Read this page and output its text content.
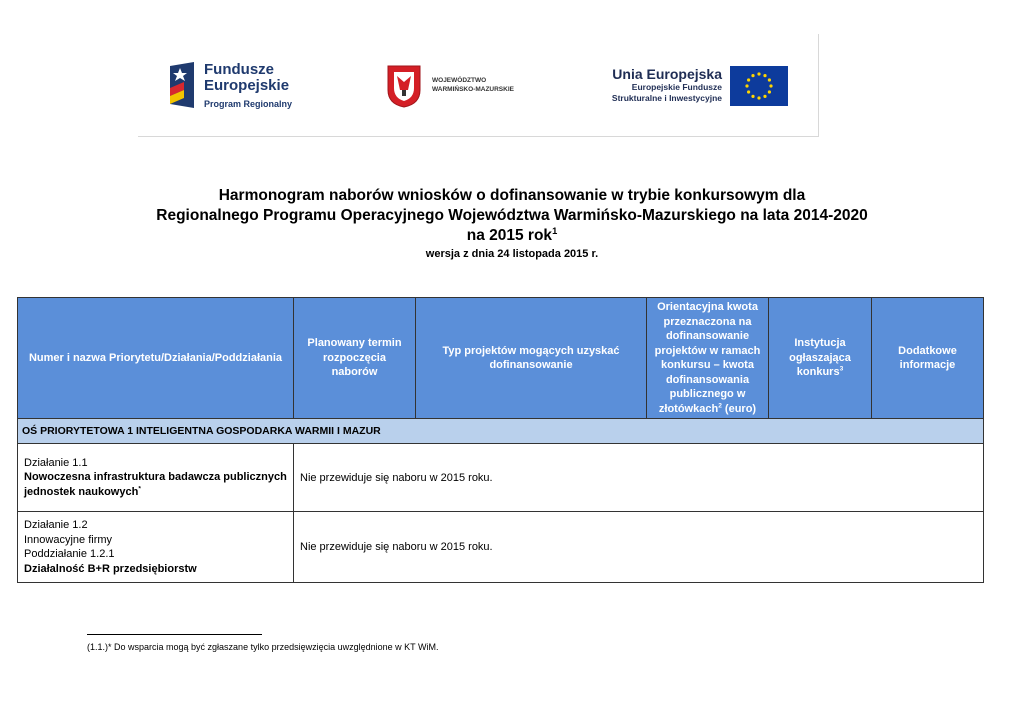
Fundusze
Europejskie
Program Regionalny
WOJEWÓDZTWO
WARMIŃSKO-MAZURSKIE
Unia Europejska
Europejskie Fundusze
Strukturalne i Inwestycyjne
Harmonogram naborów wniosków o dofinansowanie w trybie konkursowym dla
Regionalnego Programu Operacyjnego Województwa Warmińsko-Mazurskiego na lata 2014-2020
na 2015 rok$^1$
wersja z dnia 24 listopada 2015 r.
Numer i nazwa Priorytetu/Działania/Poddziałania	Planowany termin rozpoczęcia naborów	Typ projektów mogących uzyskać dofinansowanie	Orientacyjna kwota przeznaczona na dofinansowanie projektów w ramach konkursu – kwota dofinansowania publicznego w złotówkach$^2$ (euro)	Instytucja ogłaszająca konkurs$^3$	Dodatkowe informacje
OŚ PRIORYTETOWA 1 INTELIGENTNA GOSPODARKA WARMII I MAZUR					
Działanie 1.1
Nowoczesna infrastruktura badawcza publicznych jednostek naukowych*	Nie przewiduje się naboru w 2015 roku.				
Działanie 1.2
Innowacyjne firmy
Poddziałanie 1.2.1
Działalność B+R przedsiębiorstw	Nie przewiduje się naboru w 2015 roku.				
(1.1.)* Do wsparcia mogą być zgłaszane tylko przedsięwzięcia uwzględnione w KT WiM.
